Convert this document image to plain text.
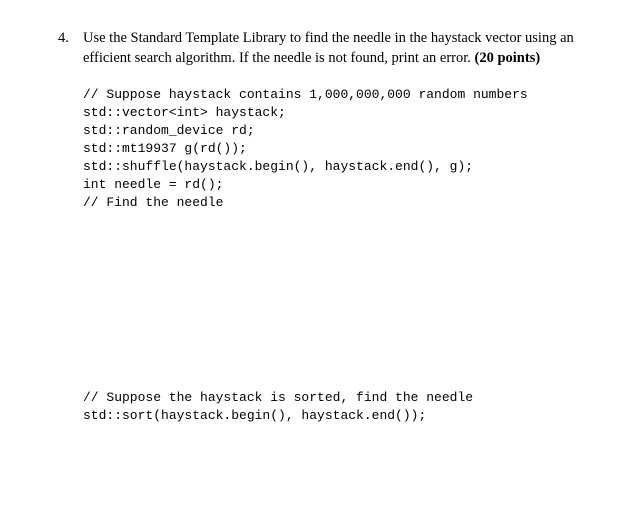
4. Use the Standard Template Library to find the needle in the haystack vector using an efficient search algorithm. If the needle is not found, print an error. (20 points)
// Suppose haystack contains 1,000,000,000 random numbers
std::vector<int> haystack;
std::random_device rd;
std::mt19937 g(rd());
std::shuffle(haystack.begin(), haystack.end(), g);
int needle = rd();
// Find the needle
// Suppose the haystack is sorted, find the needle
std::sort(haystack.begin(), haystack.end());
